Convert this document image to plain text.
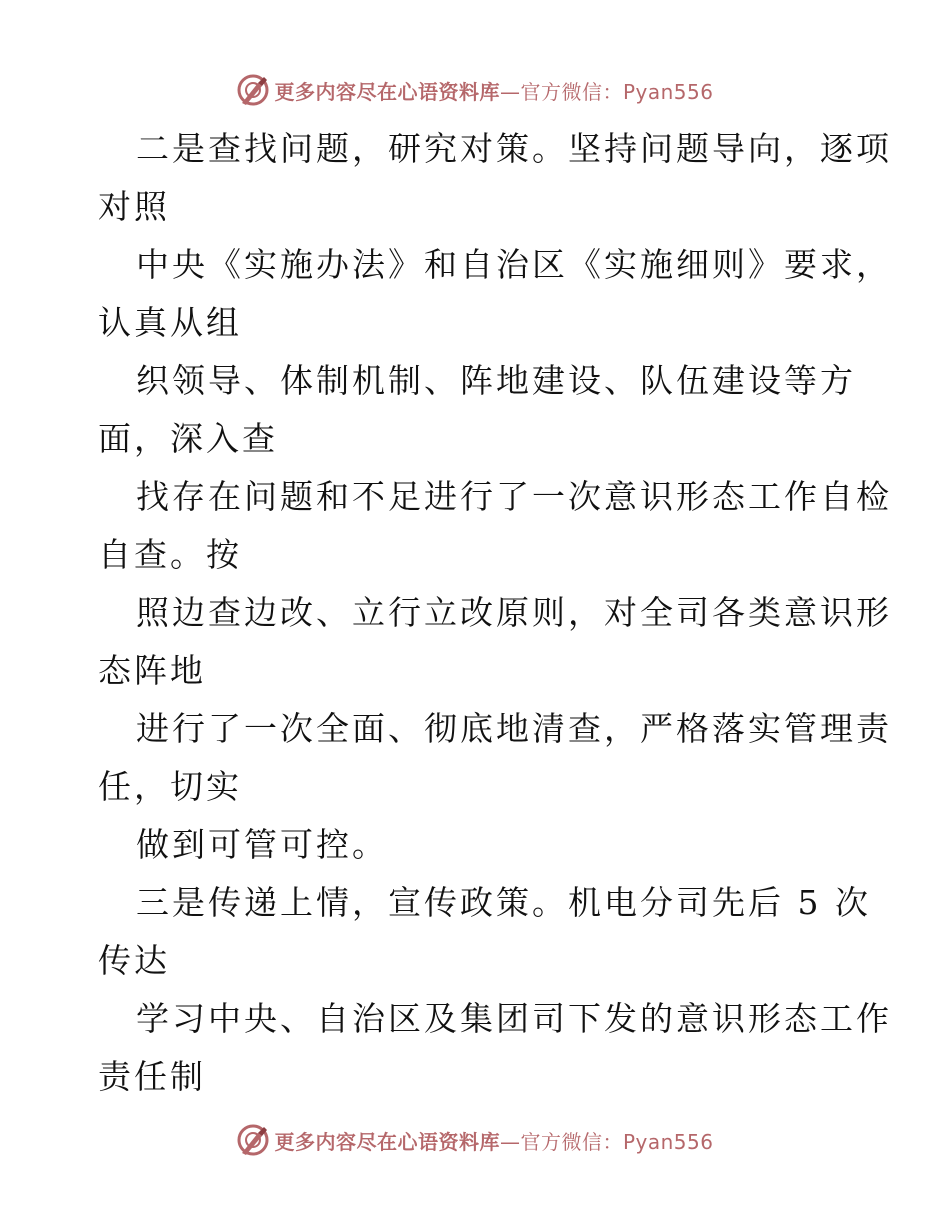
更多内容尽在心语资料库—官方微信：Pyan556
二是查找问题，研究对策。坚持问题导向，逐项
对照
中央《实施办法》和自治区《实施细则》要求，
认真从组
织领导、体制机制、阵地建设、队伍建设等方
面，深入查
找存在问题和不足进行了一次意识形态工作自检
自查。按
照边查边改、立行立改原则，对全司各类意识形
态阵地
进行了一次全面、彻底地清查，严格落实管理责
任，切实
做到可管可控。
三是传递上情，宣传政策。机电分司先后 5 次
传达
学习中央、自治区及集团司下发的意识形态工作
责任制
更多内容尽在心语资料库—官方微信：Pyan556
